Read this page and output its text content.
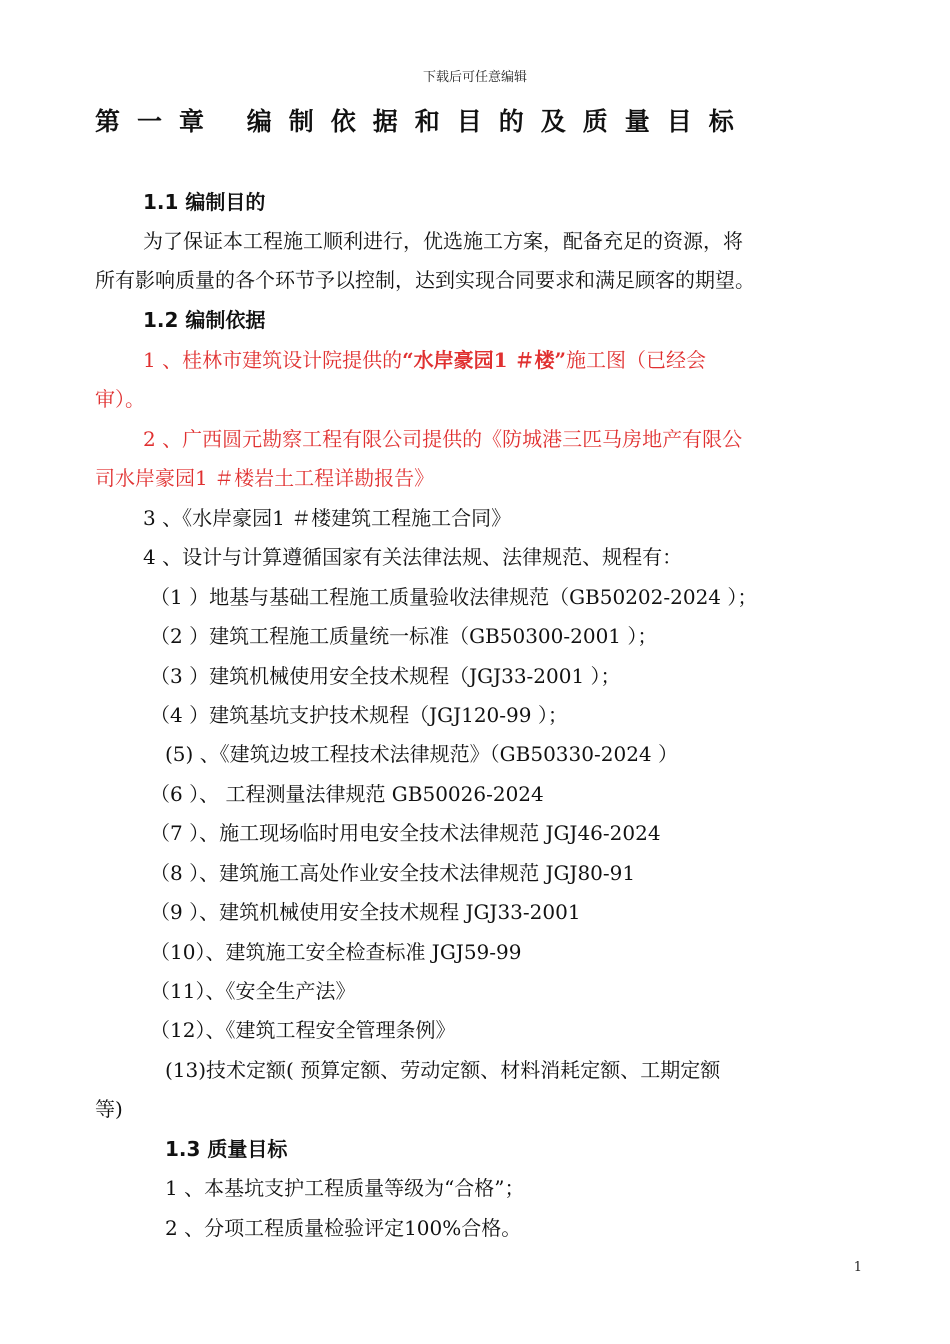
下载后可任意编辑
第一章 编制依据和目的及质量目标
1.1 编制目的
为了保证本工程施工顺利进行，优选施工方案，配备充足的资源，将
所有影响质量的各个环节予以控制，达到实现合同要求和满足顾客的期望。
1.2 编制依据
1 、桂林市建筑设计院提供的“水岸豪园1 ＃楼”施工图（已经会
审）。
2 、广西圆元勘察工程有限公司提供的《防城港三匹马房地产有限公
司水岸豪园1 ＃楼岩土工程详勘报告》
3 、《水岸豪园1 ＃楼建筑工程施工合同》
4 、设计与计算遵循国家有关法律法规、法律规范、规程有：
（1 ）地基与基础工程施工质量验收法律规范（GB50202-2024 ）；
（2 ）建筑工程施工质量统一标准（GB50300-2001 ）；
（3 ）建筑机械使用安全技术规程（JGJ33-2001 ）；
（4 ）建筑基坑支护技术规程（JGJ120-99 ）；
(5) 、《建筑边坡工程技术法律规范》（GB50330-2024 ）
（6 ）、 工程测量法律规范 GB50026-2024
（7 ）、施工现场临时用电安全技术法律规范 JGJ46-2024
（8 ）、建筑施工高处作业安全技术法律规范 JGJ80-91
（9 ）、建筑机械使用安全技术规程 JGJ33-2001
（10）、建筑施工安全检查标准 JGJ59-99
（11）、《安全生产法》
（12）、《建筑工程安全管理条例》
(13)技术定额( 预算定额、劳动定额、材料消耗定额、工期定额
等)
1.3 质量目标
1 、本基坑支护工程质量等级为“合格”；
2 、分项工程质量检验评定100%合格。
1
